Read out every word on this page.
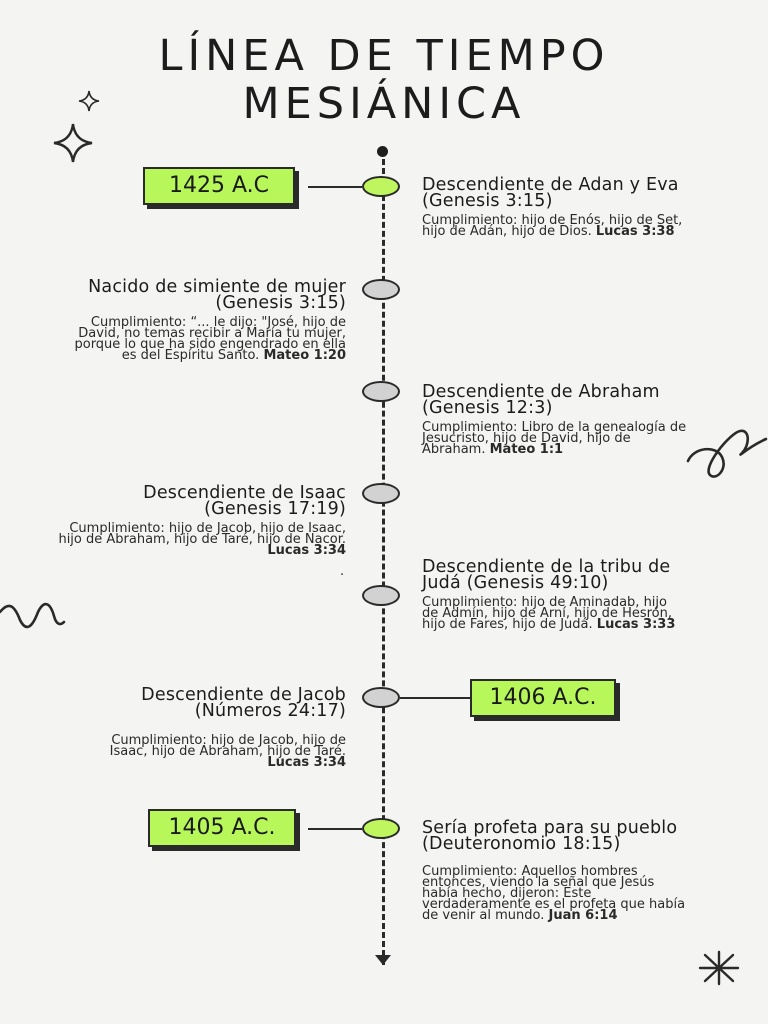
LÍNEA DE TIEMPO
MESIÁNICA
1425 A.C
1406 A.C.
1405 A.C.
Descendiente de Adan y Eva (Genesis 3:15)
Cumplimiento: hijo de Enós, hijo de Set, hijo de Adán, hijo de Dios. Lucas 3:38
Nacido de simiente de mujer (Genesis 3:15)
Cumplimiento: “... le dijo: "José, hijo de David, no temas recibir a María tu mujer, porque lo que ha sido engendrado en ella es del Espíritu Santo. Mateo 1:20
Descendiente de Abraham (Genesis 12:3)
Cumplimiento: Libro de la genealogía de Jesucristo, hijo de David, hijo de Abraham. Mateo 1:1
Descendiente de Isaac (Genesis 17:19)
Cumplimiento: hijo de Jacob, hijo de Isaac, hijo de Abraham, hijo de Taré, hijo de Nacor. Lucas 3:34
.	Descendiente de la tribu de Judá (Genesis 49:10)
Cumplimiento: hijo de Aminadab, hijo de Admín, hijo de Arní, hijo de Hesrón, hijo de Fares, hijo de Judá. Lucas 3:33
Descendiente de Jacob (Números 24:17)
Cumplimiento: hijo de Jacob, hijo de Isaac, hijo de Abraham, hijo de Taré. Lucas 3:34
Sería profeta para su pueblo (Deuteronomio 18:15)
Cumplimiento: Aquellos hombres entonces, viendo la señal que Jesús había hecho, dijeron: Este verdaderamente es el profeta que había de venir al mundo. Juan 6:14
